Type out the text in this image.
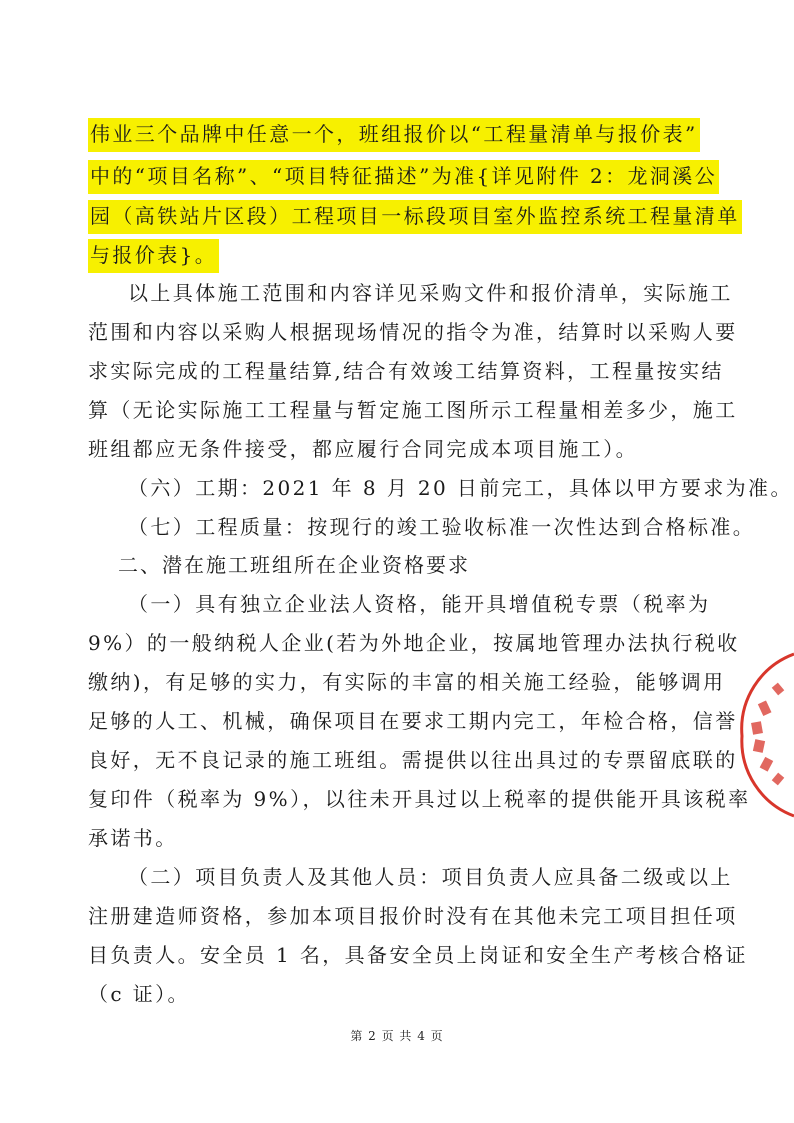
伟业三个品牌中任意一个，班组报价以“工程量清单与报价表”
中的“项目名称”、“项目特征描述”为准{详见附件 2：龙洞溪公
园（高铁站片区段）工程项目一标段项目室外监控系统工程量清单
与报价表}。
以上具体施工范围和内容详见采购文件和报价清单，实际施工
范围和内容以采购人根据现场情况的指令为准，结算时以采购人要
求实际完成的工程量结算,结合有效竣工结算资料，工程量按实结
算（无论实际施工工程量与暂定施工图所示工程量相差多少，施工
班组都应无条件接受，都应履行合同完成本项目施工）。
（六）工期：2021 年 8 月 20 日前完工，具体以甲方要求为准。
（七）工程质量：按现行的竣工验收标准一次性达到合格标准。
二、潜在施工班组所在企业资格要求
（一）具有独立企业法人资格，能开具增值税专票（税率为
9%）的一般纳税人企业(若为外地企业，按属地管理办法执行税收
缴纳)，有足够的实力，有实际的丰富的相关施工经验，能够调用
足够的人工、机械，确保项目在要求工期内完工，年检合格，信誉
良好，无不良记录的施工班组。需提供以往出具过的专票留底联的
复印件（税率为 9%），以往未开具过以上税率的提供能开具该税率
承诺书。
（二）项目负责人及其他人员：项目负责人应具备二级或以上
注册建造师资格，参加本项目报价时没有在其他未完工项目担任项
目负责人。安全员 1 名，具备安全员上岗证和安全生产考核合格证
（c 证）。
第 2 页 共 4 页
